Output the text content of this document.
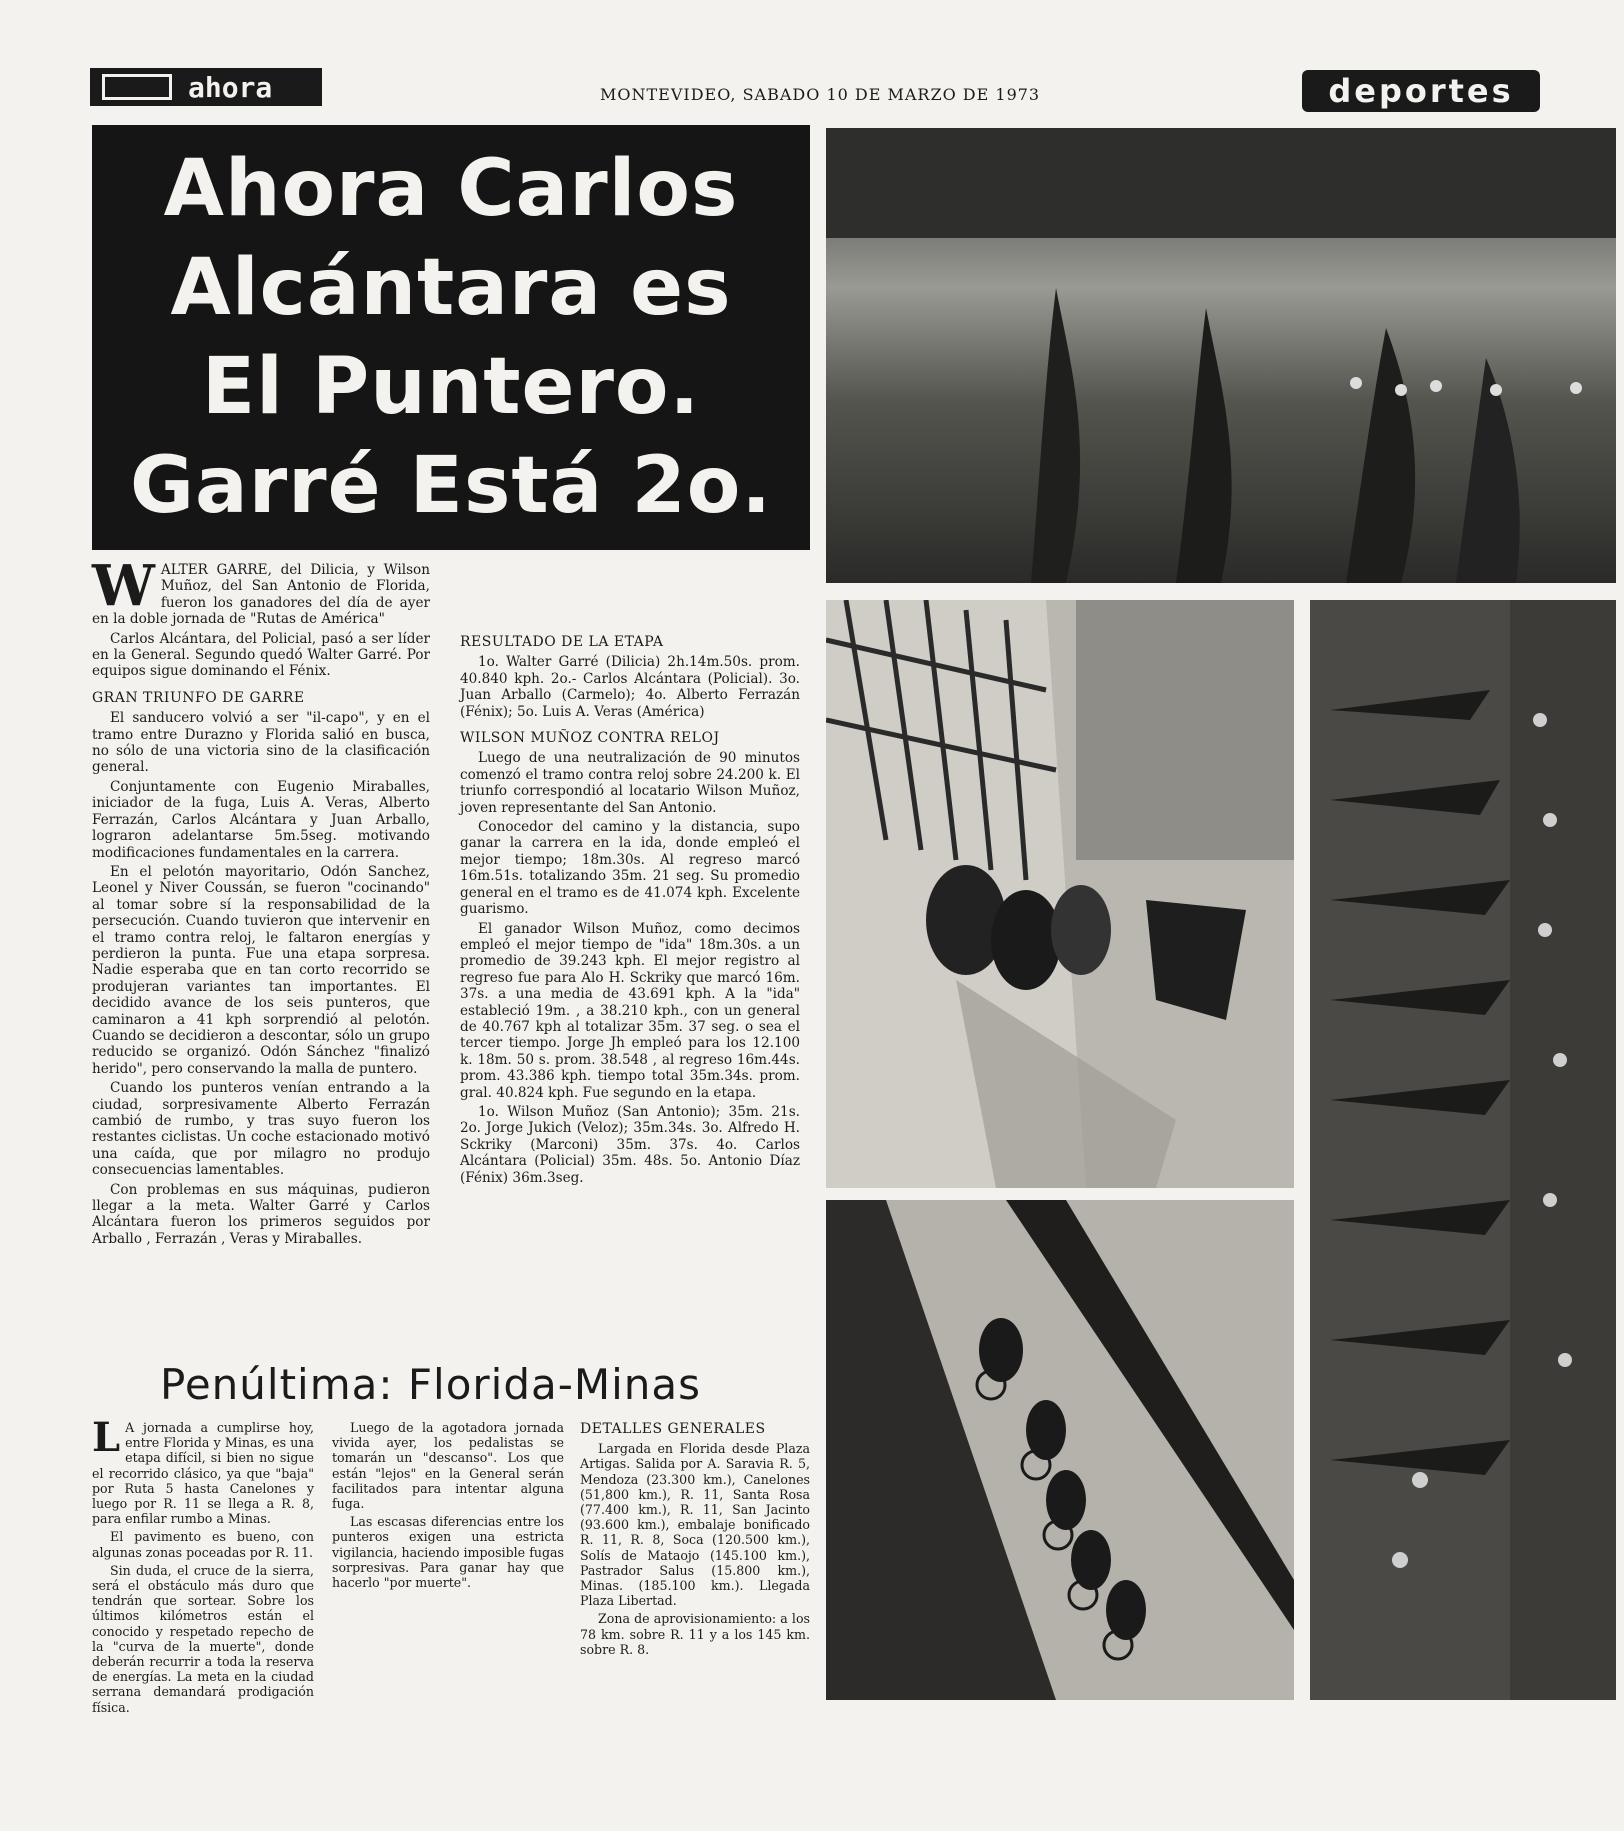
ahora	MONTEVIDEO, SABADO 10 DE MARZO DE 1973	deportes
Ahora Carlos
Alcántara es
El Puntero.
Garré Está 2o.

W ALTER GARRE, del Dilicia, y Wilson Muñoz, del San Antonio de Florida, fueron los ganadores del día de ayer en la doble jornada de "Rutas de América"

Carlos Alcántara, del Policial, pasó a ser líder en la General. Segundo quedó Walter Garré. Por equipos sigue dominando el Fénix.

GRAN TRIUNFO DE GARRE

El sanducero volvió a ser "il-capo", y en el tramo entre Durazno y Florida salió en busca, no sólo de una victoria sino de la clasificación general.

Conjuntamente con Eugenio Miraballes, iniciador de la fuga, Luis A. Veras, Alberto Ferrazán, Carlos Alcántara y Juan Arballo, lograron adelantarse 5m.5seg. motivando modificaciones fundamentales en la carrera.

En el pelotón mayoritario, Odón Sanchez, Leonel y Niver Coussán, se fueron "cocinando" al tomar sobre sí la responsabilidad de la persecución. Cuando tuvieron que intervenir en el tramo contra reloj, le faltaron energías y perdieron la punta. Fue una etapa sorpresa. Nadie esperaba que en tan corto recorrido se produjeran variantes tan importantes. El decidido avance de los seis punteros, que caminaron a 41 kph sorprendió al pelotón. Cuando se decidieron a descontar, sólo un grupo reducido se organizó. Odón Sánchez "finalizó herido", pero conservando la malla de puntero.

Cuando los punteros venían entrando a la ciudad, sorpresivamente Alberto Ferrazán cambió de rumbo, y tras suyo fueron los restantes ciclistas. Un coche estacionado motivó una caída, que por milagro no produjo consecuencias lamentables.

Con problemas en sus máquinas, pudieron llegar a la meta. Walter Garré y Carlos Alcántara fueron los primeros seguidos por Arballo , Ferrazán , Veras y Miraballes.

RESULTADO DE LA ETAPA

1o. Walter Garré (Dilicia) 2h.14m.50s. prom. 40.840 kph. 2o.- Carlos Alcántara (Policial). 3o. Juan Arballo (Carmelo); 4o. Alberto Ferrazán (Fénix); 5o. Luis A. Veras (América)

WILSON MUÑOZ CONTRA RELOJ

Luego de una neutralización de 90 minutos comenzó el tramo contra reloj sobre 24.200 k. El triunfo correspondió al locatario Wilson Muñoz, joven representante del San Antonio.

Conocedor del camino y la distancia, supo ganar la carrera en la ida, donde empleó el mejor tiempo; 18m.30s. Al regreso marcó 16m.51s. totalizando 35m. 21 seg. Su promedio general en el tramo es de 41.074 kph. Excelente guarismo.

El ganador Wilson Muñoz, como decimos empleó el mejor tiempo de "ida" 18m.30s. a un promedio de 39.243 kph. El mejor registro al regreso fue para Alo H. Sckriky que marcó 16m. 37s. a una media de 43.691 kph. A la "ida" estableció 19m. , a 38.210 kph., con un general de 40.767 kph al totalizar 35m. 37 seg. o sea el tercer tiempo. Jorge Jh empleó para los 12.100 k. 18m. 50 s. prom. 38.548 , al regreso 16m.44s. prom. 43.386 kph. tiempo total 35m.34s. prom. gral. 40.824 kph. Fue segundo en la etapa.

1o. Wilson Muñoz (San Antonio); 35m. 21s. 2o. Jorge Jukich (Veloz); 35m.34s. 3o. Alfredo H. Sckriky (Marconi) 35m. 37s. 4o. Carlos Alcántara (Policial) 35m. 48s. 5o. Antonio Díaz (Fénix) 36m.3seg.

Penúltima: Florida-Minas

L A jornada a cumplirse hoy, entre Florida y Minas, es una etapa difícil, si bien no sigue el recorrido clásico, ya que "baja" por Ruta 5 hasta Canelones y luego por R. 11 se llega a R. 8, para enfilar rumbo a Minas.

El pavimento es bueno, con algunas zonas poceadas por R. 11.

Sin duda, el cruce de la sierra, será el obstáculo más duro que tendrán que sortear. Sobre los últimos kilómetros están el conocido y respetado repecho de la "curva de la muerte", donde deberán recurrir a toda la reserva de energías. La meta en la ciudad serrana demandará prodigación física.

Luego de la agotadora jornada vivida ayer, los pedalistas se tomarán un "descanso". Los que están "lejos" en la General serán facilitados para intentar alguna fuga.

Las escasas diferencias entre los punteros exigen una estricta vigilancia, haciendo imposible fugas sorpresivas. Para ganar hay que hacerlo "por muerte".

DETALLES GENERALES

Largada en Florida desde Plaza Artigas. Salida por A. Saravia R. 5, Mendoza (23.300 km.), Canelones (51,800 km.), R. 11, Santa Rosa (77.400 km.), R. 11, San Jacinto (93.600 km.), embalaje bonificado R. 11, R. 8, Soca (120.500 km.), Solís de Mataojo (145.100 km.), Pastrador Salus (15.800 km.), Minas. (185.100 km.). Llegada Plaza Libertad.

Zona de aprovisionamiento: a los 78 km. sobre R. 11 y a los 145 km. sobre R. 8.
